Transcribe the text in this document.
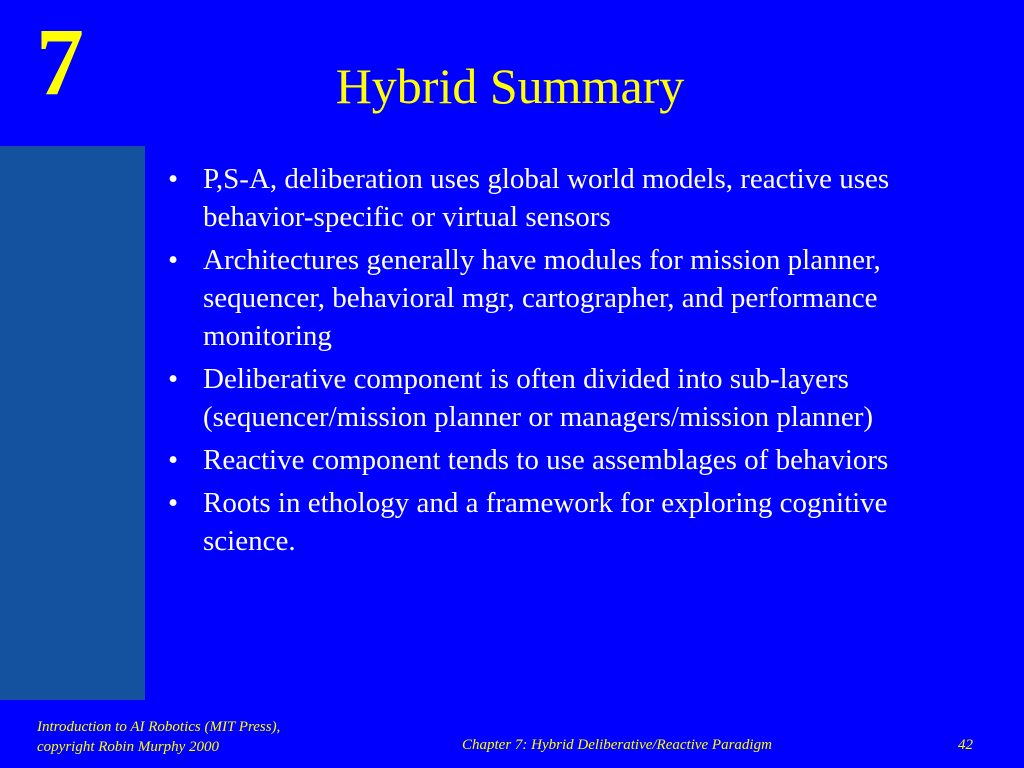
7	Hybrid Summary
• P,S-A, deliberation uses global world models, reactive uses behavior-specific or virtual sensors
• Architectures generally have modules for mission planner, sequencer, behavioral mgr, cartographer, and performance monitoring
• Deliberative component is often divided into sub-layers (sequencer/mission planner or managers/mission planner)
• Reactive component tends to use assemblages of behaviors
• Roots in ethology and a framework for exploring cognitive science.
Introduction to AI Robotics (MIT Press),
copyright Robin Murphy 2000	Chapter 7: Hybrid Deliberative/Reactive Paradigm	42
